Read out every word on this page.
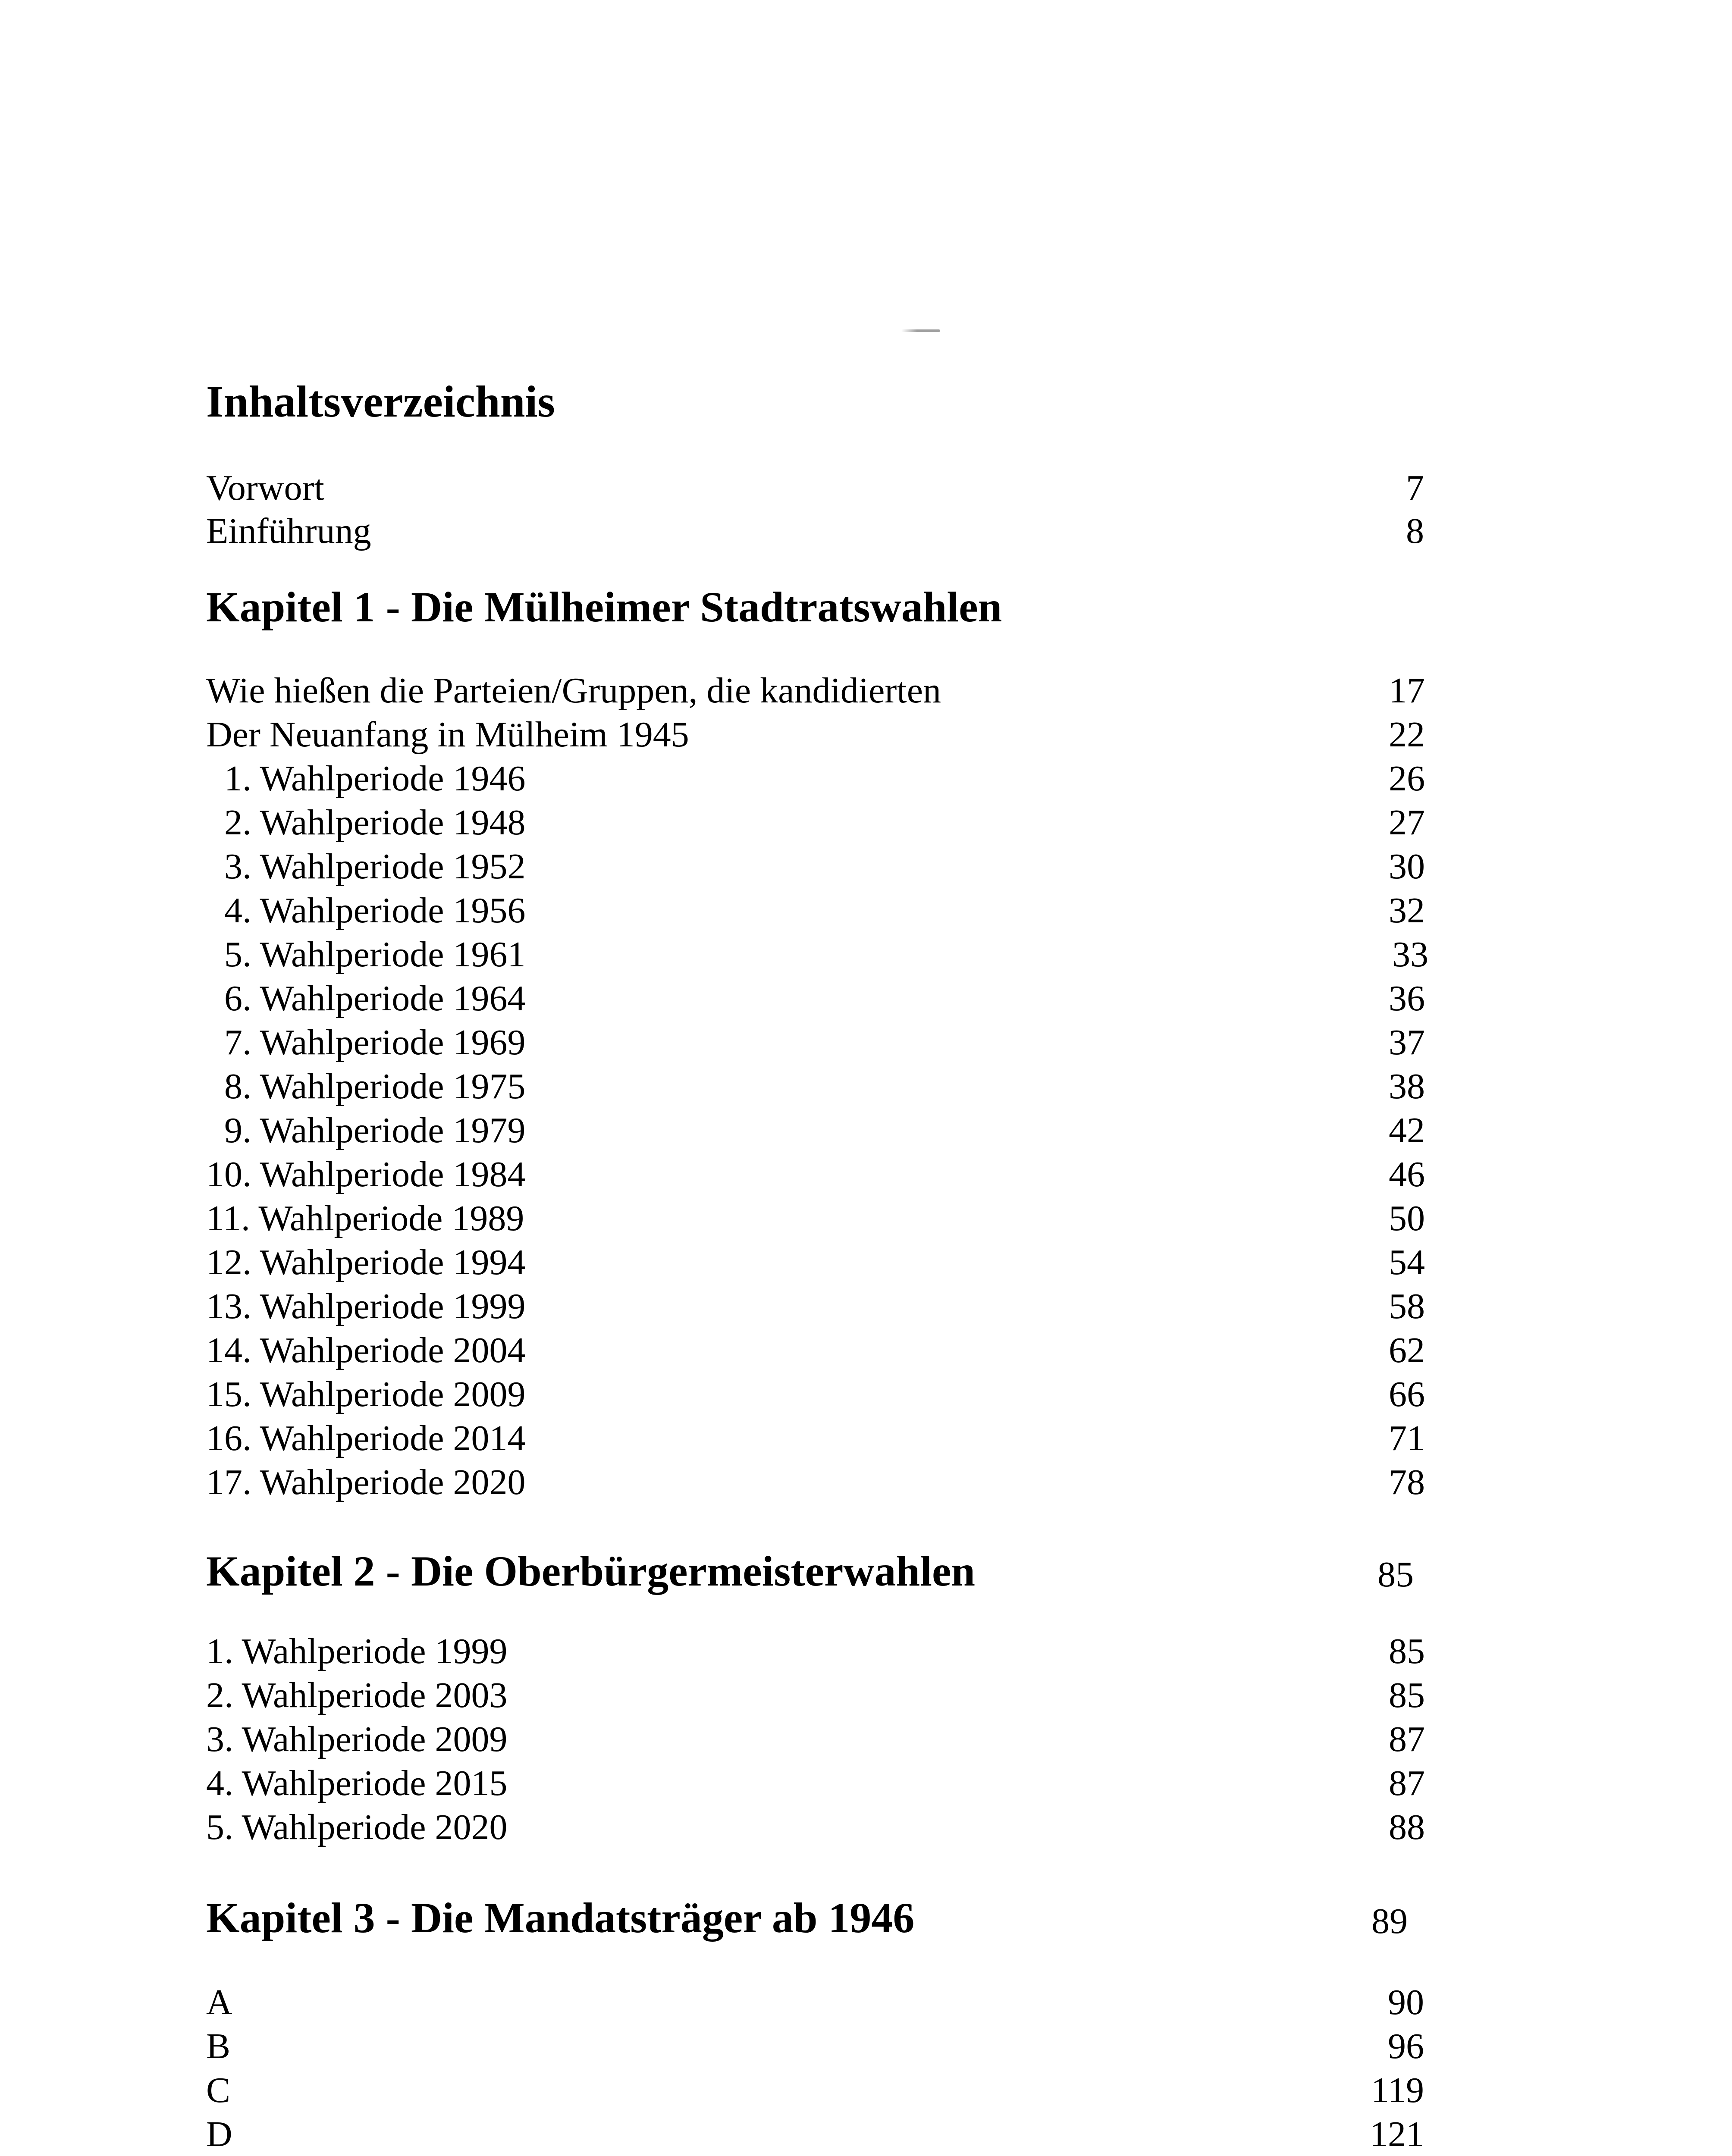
Inhaltsverzeichnis
Vorwort	7
Einführung	8
Kapitel 1 - Die Mülheimer Stadtratswahlen
Wie hießen die Parteien/Gruppen, die kandidierten	17
Der Neuanfang in Mülheim 1945	22
1. Wahlperiode 1946	26
2. Wahlperiode 1948	27
3. Wahlperiode 1952	30
4. Wahlperiode 1956	32
5. Wahlperiode 1961	33
6. Wahlperiode 1964	36
7. Wahlperiode 1969	37
8. Wahlperiode 1975	38
9. Wahlperiode 1979	42
10. Wahlperiode 1984	46
11. Wahlperiode 1989	50
12. Wahlperiode 1994	54
13. Wahlperiode 1999	58
14. Wahlperiode 2004	62
15. Wahlperiode 2009	66
16. Wahlperiode 2014	71
17. Wahlperiode 2020	78
Kapitel 2 - Die Oberbürgermeisterwahlen	85
1. Wahlperiode 1999	85
2. Wahlperiode 2003	85
3. Wahlperiode 2009	87
4. Wahlperiode 2015	87
5. Wahlperiode 2020	88
Kapitel 3 - Die Mandatsträger ab 1946	89
A	90
B	96
C	119
D	121
